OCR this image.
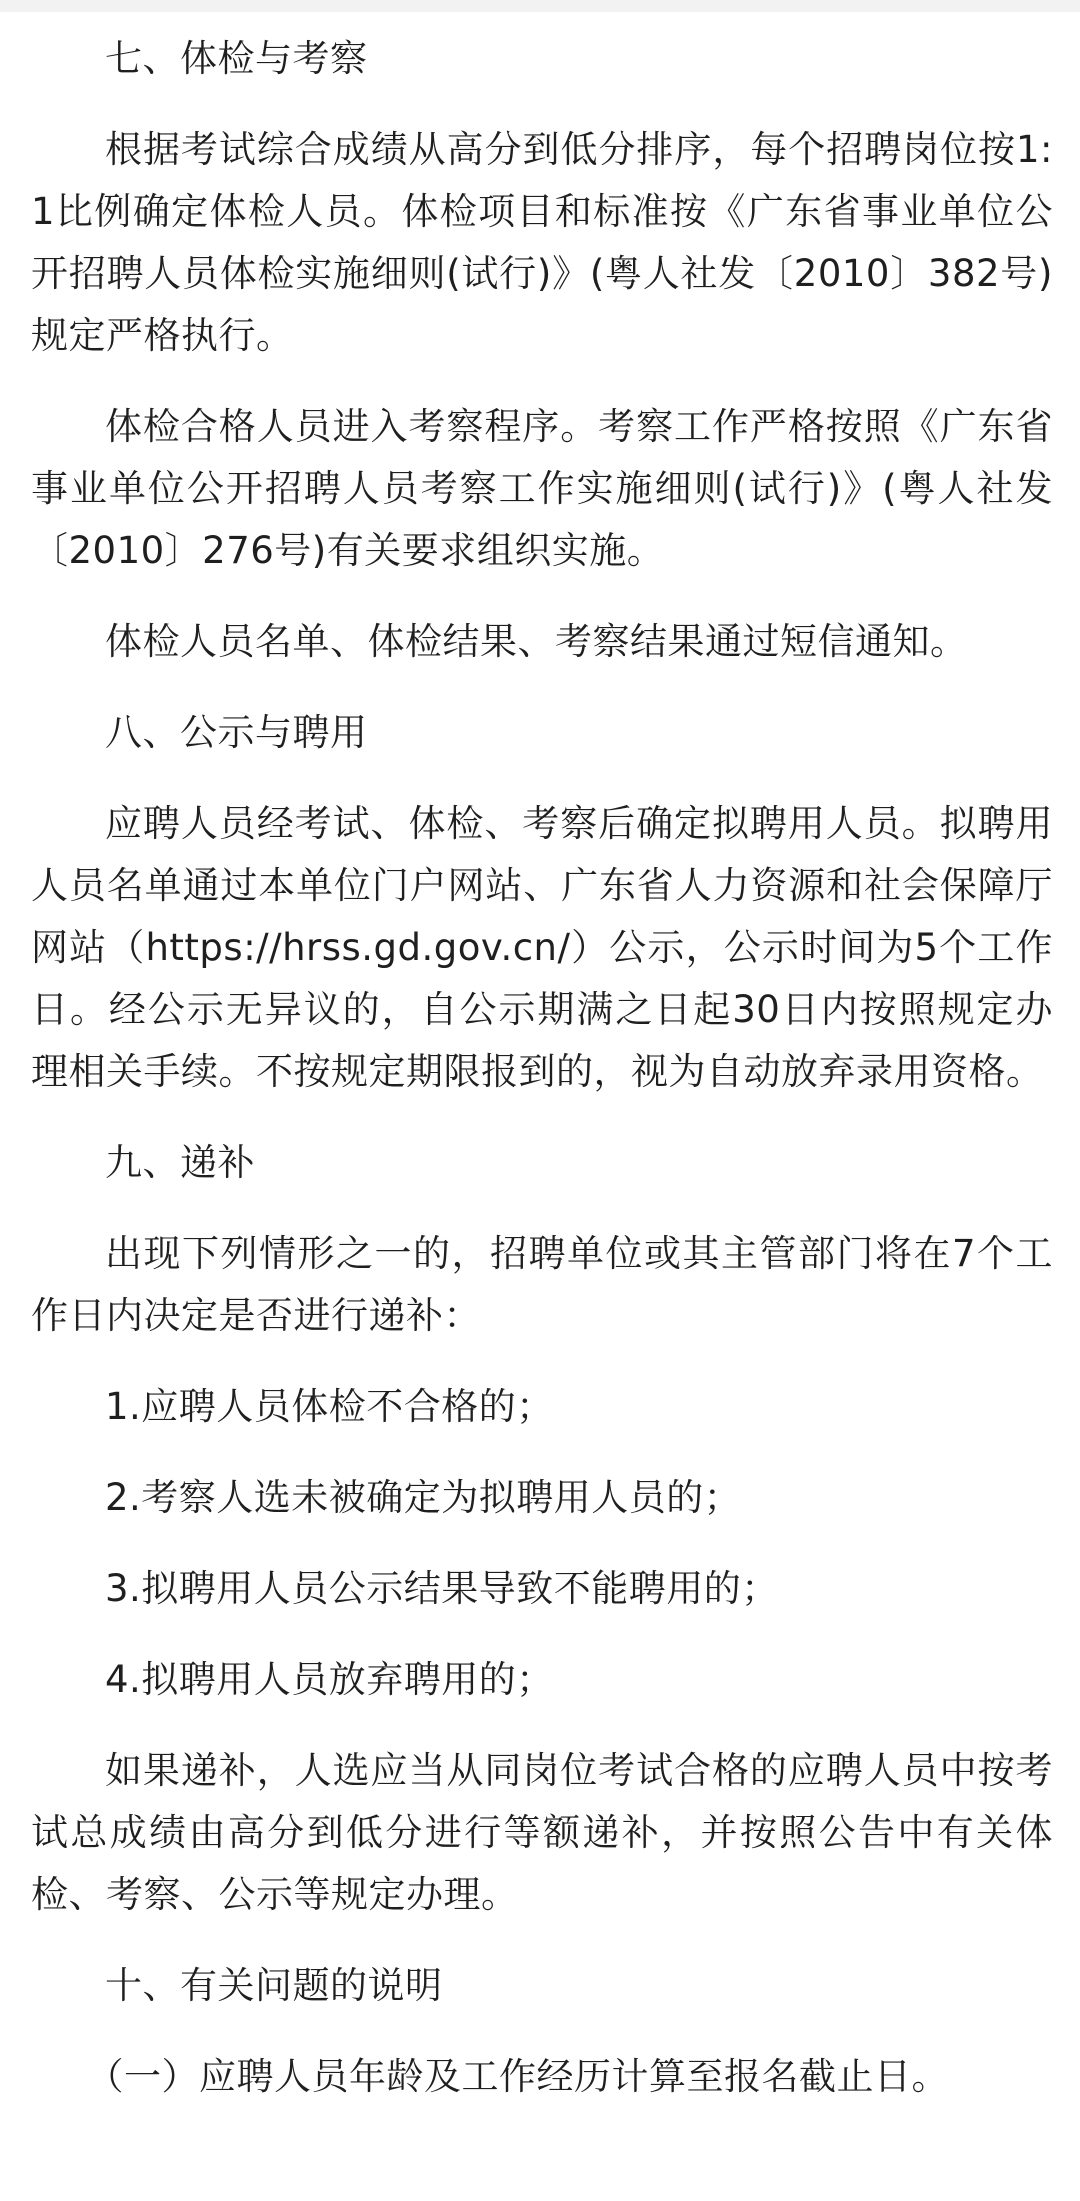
七、体检与考察

根据考试综合成绩从高分到低分排序，每个招聘岗位按1:1比例确定体检人员。体检项目和标准按《广东省事业单位公开招聘人员体检实施细则(试行)》(粤人社发〔2010〕382号)规定严格执行。

体检合格人员进入考察程序。考察工作严格按照《广东省事业单位公开招聘人员考察工作实施细则(试行)》(粤人社发〔2010〕276号)有关要求组织实施。

体检人员名单、体检结果、考察结果通过短信通知。

八、公示与聘用

应聘人员经考试、体检、考察后确定拟聘用人员。拟聘用人员名单通过本单位门户网站、广东省人力资源和社会保障厅网站（https://hrss.gd.gov.cn/）公示，公示时间为5个工作日。经公示无异议的，自公示期满之日起30日内按照规定办理相关手续。不按规定期限报到的，视为自动放弃录用资格。

九、递补

出现下列情形之一的，招聘单位或其主管部门将在7个工作日内决定是否进行递补：

1.应聘人员体检不合格的；

2.考察人选未被确定为拟聘用人员的；

3.拟聘用人员公示结果导致不能聘用的；

4.拟聘用人员放弃聘用的；

如果递补，人选应当从同岗位考试合格的应聘人员中按考试总成绩由高分到低分进行等额递补，并按照公告中有关体检、考察、公示等规定办理。

十、有关问题的说明

（一）应聘人员年龄及工作经历计算至报名截止日。
